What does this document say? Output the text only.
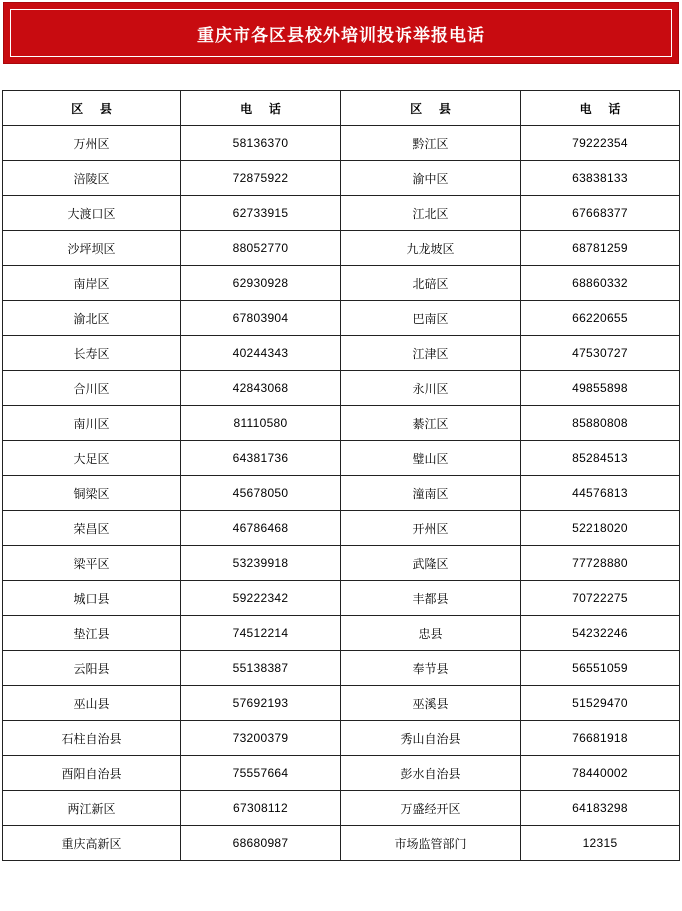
重庆市各区县校外培训投诉举报电话
区    县	电    话	区    县	电    话
万州区	58136370	黔江区	79222354
涪陵区	72875922	渝中区	63838133
大渡口区	62733915	江北区	67668377
沙坪坝区	88052770	九龙坡区	68781259
南岸区	62930928	北碚区	68860332
渝北区	67803904	巴南区	66220655
长寿区	40244343	江津区	47530727
合川区	42843068	永川区	49855898
南川区	81110580	綦江区	85880808
大足区	64381736	璧山区	85284513
铜梁区	45678050	潼南区	44576813
荣昌区	46786468	开州区	52218020
梁平区	53239918	武隆区	77728880
城口县	59222342	丰都县	70722275
垫江县	74512214	忠县	54232246
云阳县	55138387	奉节县	56551059
巫山县	57692193	巫溪县	51529470
石柱自治县	73200379	秀山自治县	76681918
酉阳自治县	75557664	彭水自治县	78440002
两江新区	67308112	万盛经开区	64183298
重庆高新区	68680987	市场监管部门	12315
